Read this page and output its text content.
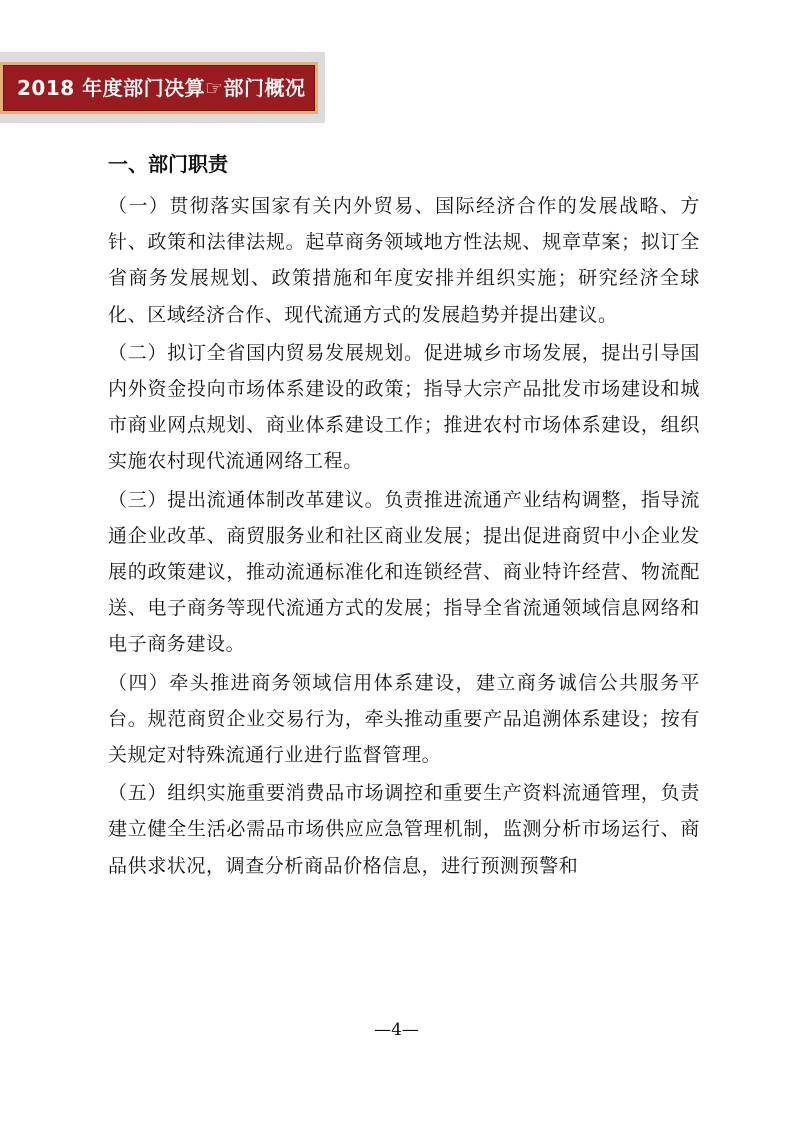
2018 年度部门决算☞部门概况
一、部门职责

（一）贯彻落实国家有关内外贸易、国际经济合作的发展战略、方针、政策和法律法规。起草商务领域地方性法规、规章草案；拟订全省商务发展规划、政策措施和年度安排并组织实施；研究经济全球化、区域经济合作、现代流通方式的发展趋势并提出建议。

（二）拟订全省国内贸易发展规划。促进城乡市场发展，提出引导国内外资金投向市场体系建设的政策；指导大宗产品批发市场建设和城市商业网点规划、商业体系建设工作；推进农村市场体系建设，组织实施农村现代流通网络工程。

（三）提出流通体制改革建议。负责推进流通产业结构调整，指导流通企业改革、商贸服务业和社区商业发展；提出促进商贸中小企业发展的政策建议，推动流通标准化和连锁经营、商业特许经营、物流配送、电子商务等现代流通方式的发展；指导全省流通领域信息网络和电子商务建设。

（四）牵头推进商务领域信用体系建设，建立商务诚信公共服务平台。规范商贸企业交易行为，牵头推动重要产品追溯体系建设；按有关规定对特殊流通行业进行监督管理。

（五）组织实施重要消费品市场调控和重要生产资料流通管理，负责建立健全生活必需品市场供应应急管理机制，监测分析市场运行、商品供求状况，调查分析商品价格信息，进行预测预警和

—4—
